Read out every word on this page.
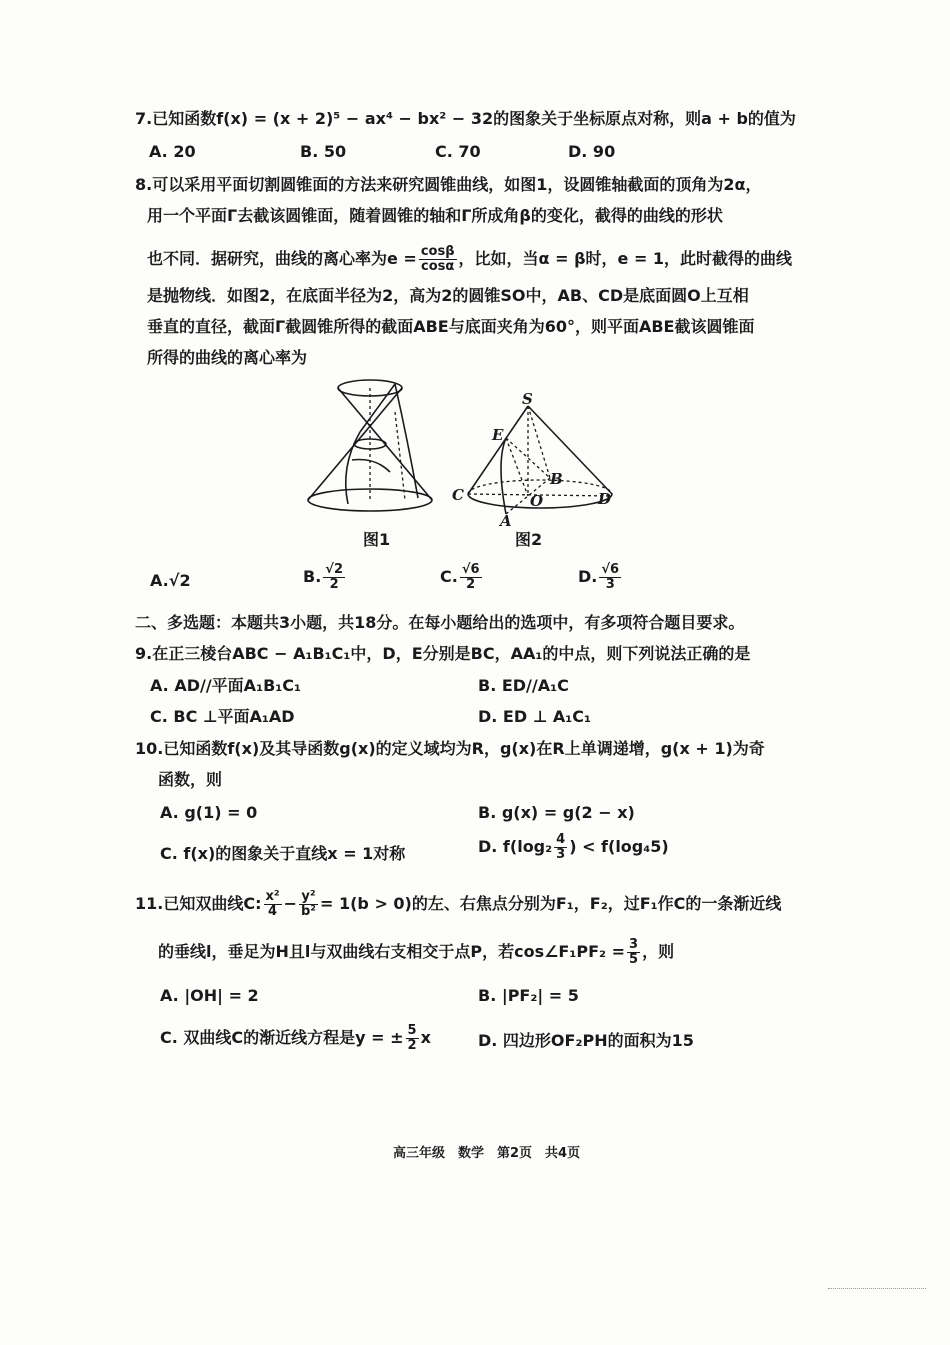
7.已知函数f(x) = (x + 2)⁵ − ax⁴ − bx² − 32的图象关于坐标原点对称，则a + b的值为
A. 20	B. 50	C. 70	D. 90
8.可以采用平面切割圆锥面的方法来研究圆锥曲线，如图1，设圆锥轴截面的顶角为2α，
用一个平面Γ去截该圆锥面，随着圆锥的轴和Γ所成角β的变化，截得的曲线的形状
也不同．据研究，曲线的离心率为$e = \frac{\cos\beta}{\cos\alpha}$ ，比如，当α = β时，e = 1，此时截得的曲线
是抛物线．如图2，在底面半径为2，高为2的圆锥SO中，AB、CD是底面圆O上互相
垂直的直径，截面Γ截圆锥所得的截面ABE与底面夹角为60°，则平面ABE截该圆锥面
所得的曲线的离心率为
图1
S
E
B
C	O	D
A
图2
A.√2	B. $\frac{√2}{2}$	C. $\frac{√6}{2}$	D. $\frac{√6}{3}$
二、多选题：本题共3小题，共18分。在每小题给出的选项中，有多项符合题目要求。
9.在正三棱台ABC − A₁B₁C₁中，D，E分别是BC，AA₁的中点，则下列说法正确的是
A. AD//平面A₁B₁C₁	B. ED//A₁C
C. BC ⊥平面A₁AD	D. ED ⊥ A₁C₁
10.已知函数f(x)及其导函数g(x)的定义域均为R，g(x)在R上单调递增，g(x + 1)为奇
函数，则
A. g(1) = 0	B. g(x) = g(2 − x)
C. f(x)的图象关于直线x = 1对称	D. $f(\log_2 \frac{4}{3}$ ) < f(log₄5)
11.已知双曲线C: $\frac{\text{x²}}{4} - \frac{\text{y²}}{\text{b²}} = 1(b > 0)$的左、右焦点分别为F₁，F₂，过F₁作C的一条渐近线
的垂线l，垂足为H且l与双曲线右支相交于点P，若cos∠F₁PF₂ = $\frac{3}{5}$ ，则
A. |OH| = 2	B. |PF₂| = 5
C. 双曲线C的渐近线方程是y = ± $\frac{5}{2}$ x	D. 四边形OF₂PH的面积为15
高三年级　数学　第2页　共4页
